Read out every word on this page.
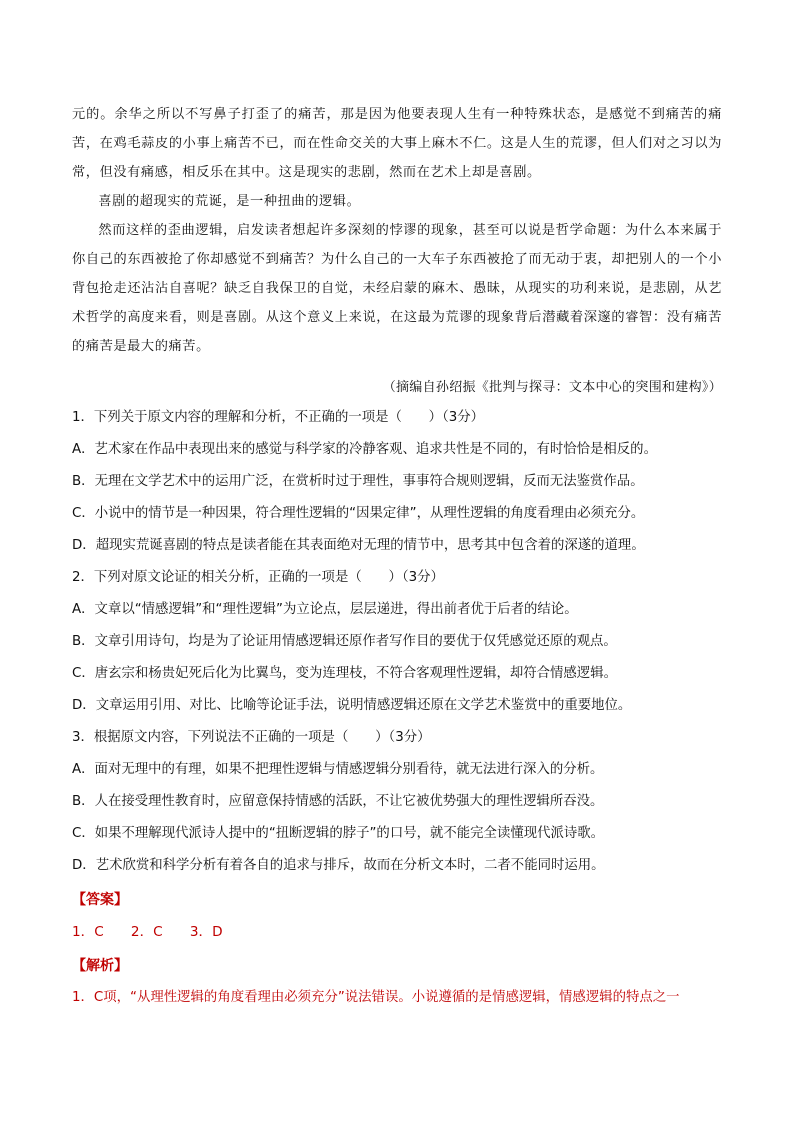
元的。余华之所以不写鼻子打歪了的痛苦，那是因为他要表现人生有一种特殊状态，是感觉不到痛苦的痛苦，在鸡毛蒜皮的小事上痛苦不已，而在性命交关的大事上麻木不仁。这是人生的荒谬，但人们对之习以为常，但没有痛感，相反乐在其中。这是现实的悲剧，然而在艺术上却是喜剧。

喜剧的超现实的荒诞，是一种扭曲的逻辑。

然而这样的歪曲逻辑，启发读者想起许多深刻的悖谬的现象，甚至可以说是哲学命题：为什么本来属于你自己的东西被抢了你却感觉不到痛苦？为什么自己的一大车子东西被抢了而无动于衷，却把别人的一个小背包抢走还沾沾自喜呢？缺乏自我保卫的自觉，未经启蒙的麻木、愚昧，从现实的功利来说，是悲剧，从艺术哲学的高度来看，则是喜剧。从这个意义上来说，在这最为荒谬的现象背后潜藏着深邃的睿智：没有痛苦的痛苦是最大的痛苦。

（摘编自孙绍振《批判与探寻：文本中心的突围和建构》）

1．下列关于原文内容的理解和分析，不正确的一项是（　　）（3分）

A．艺术家在作品中表现出来的感觉与科学家的冷静客观、追求共性是不同的，有时恰恰是相反的。

B．无理在文学艺术中的运用广泛，在赏析时过于理性，事事符合规则逻辑，反而无法鉴赏作品。

C．小说中的情节是一种因果，符合理性逻辑的“因果定律”，从理性逻辑的角度看理由必须充分。

D．超现实荒诞喜剧的特点是读者能在其表面绝对无理的情节中，思考其中包含着的深遂的道理。

2．下列对原文论证的相关分析，正确的一项是（　　）（3分）

A．文章以“情感逻辑”和“理性逻辑”为立论点，层层递进，得出前者优于后者的结论。

B．文章引用诗句，均是为了论证用情感逻辑还原作者写作目的要优于仅凭感觉还原的观点。

C．唐玄宗和杨贵妃死后化为比翼鸟，变为连理枝，不符合客观理性逻辑，却符合情感逻辑。

D．文章运用引用、对比、比喻等论证手法，说明情感逻辑还原在文学艺术鉴赏中的重要地位。

3．根据原文内容，下列说法不正确的一项是（　　）（3分）

A．面对无理中的有理，如果不把理性逻辑与情感逻辑分别看待，就无法进行深入的分析。

B．人在接受理性教育时，应留意保持情感的活跃，不让它被优势强大的理性逻辑所吞没。

C．如果不理解现代派诗人提中的“扭断逻辑的脖子”的口号，就不能完全读懂现代派诗歌。

D．艺术欣赏和科学分析有着各自的追求与排斥，故而在分析文本时，二者不能同时运用。

【答案】

1．C　　2．C　　3．D

【解析】

1．C项，“从理性逻辑的角度看理由必须充分”说法错误。小说遵循的是情感逻辑，情感逻辑的特点之一
